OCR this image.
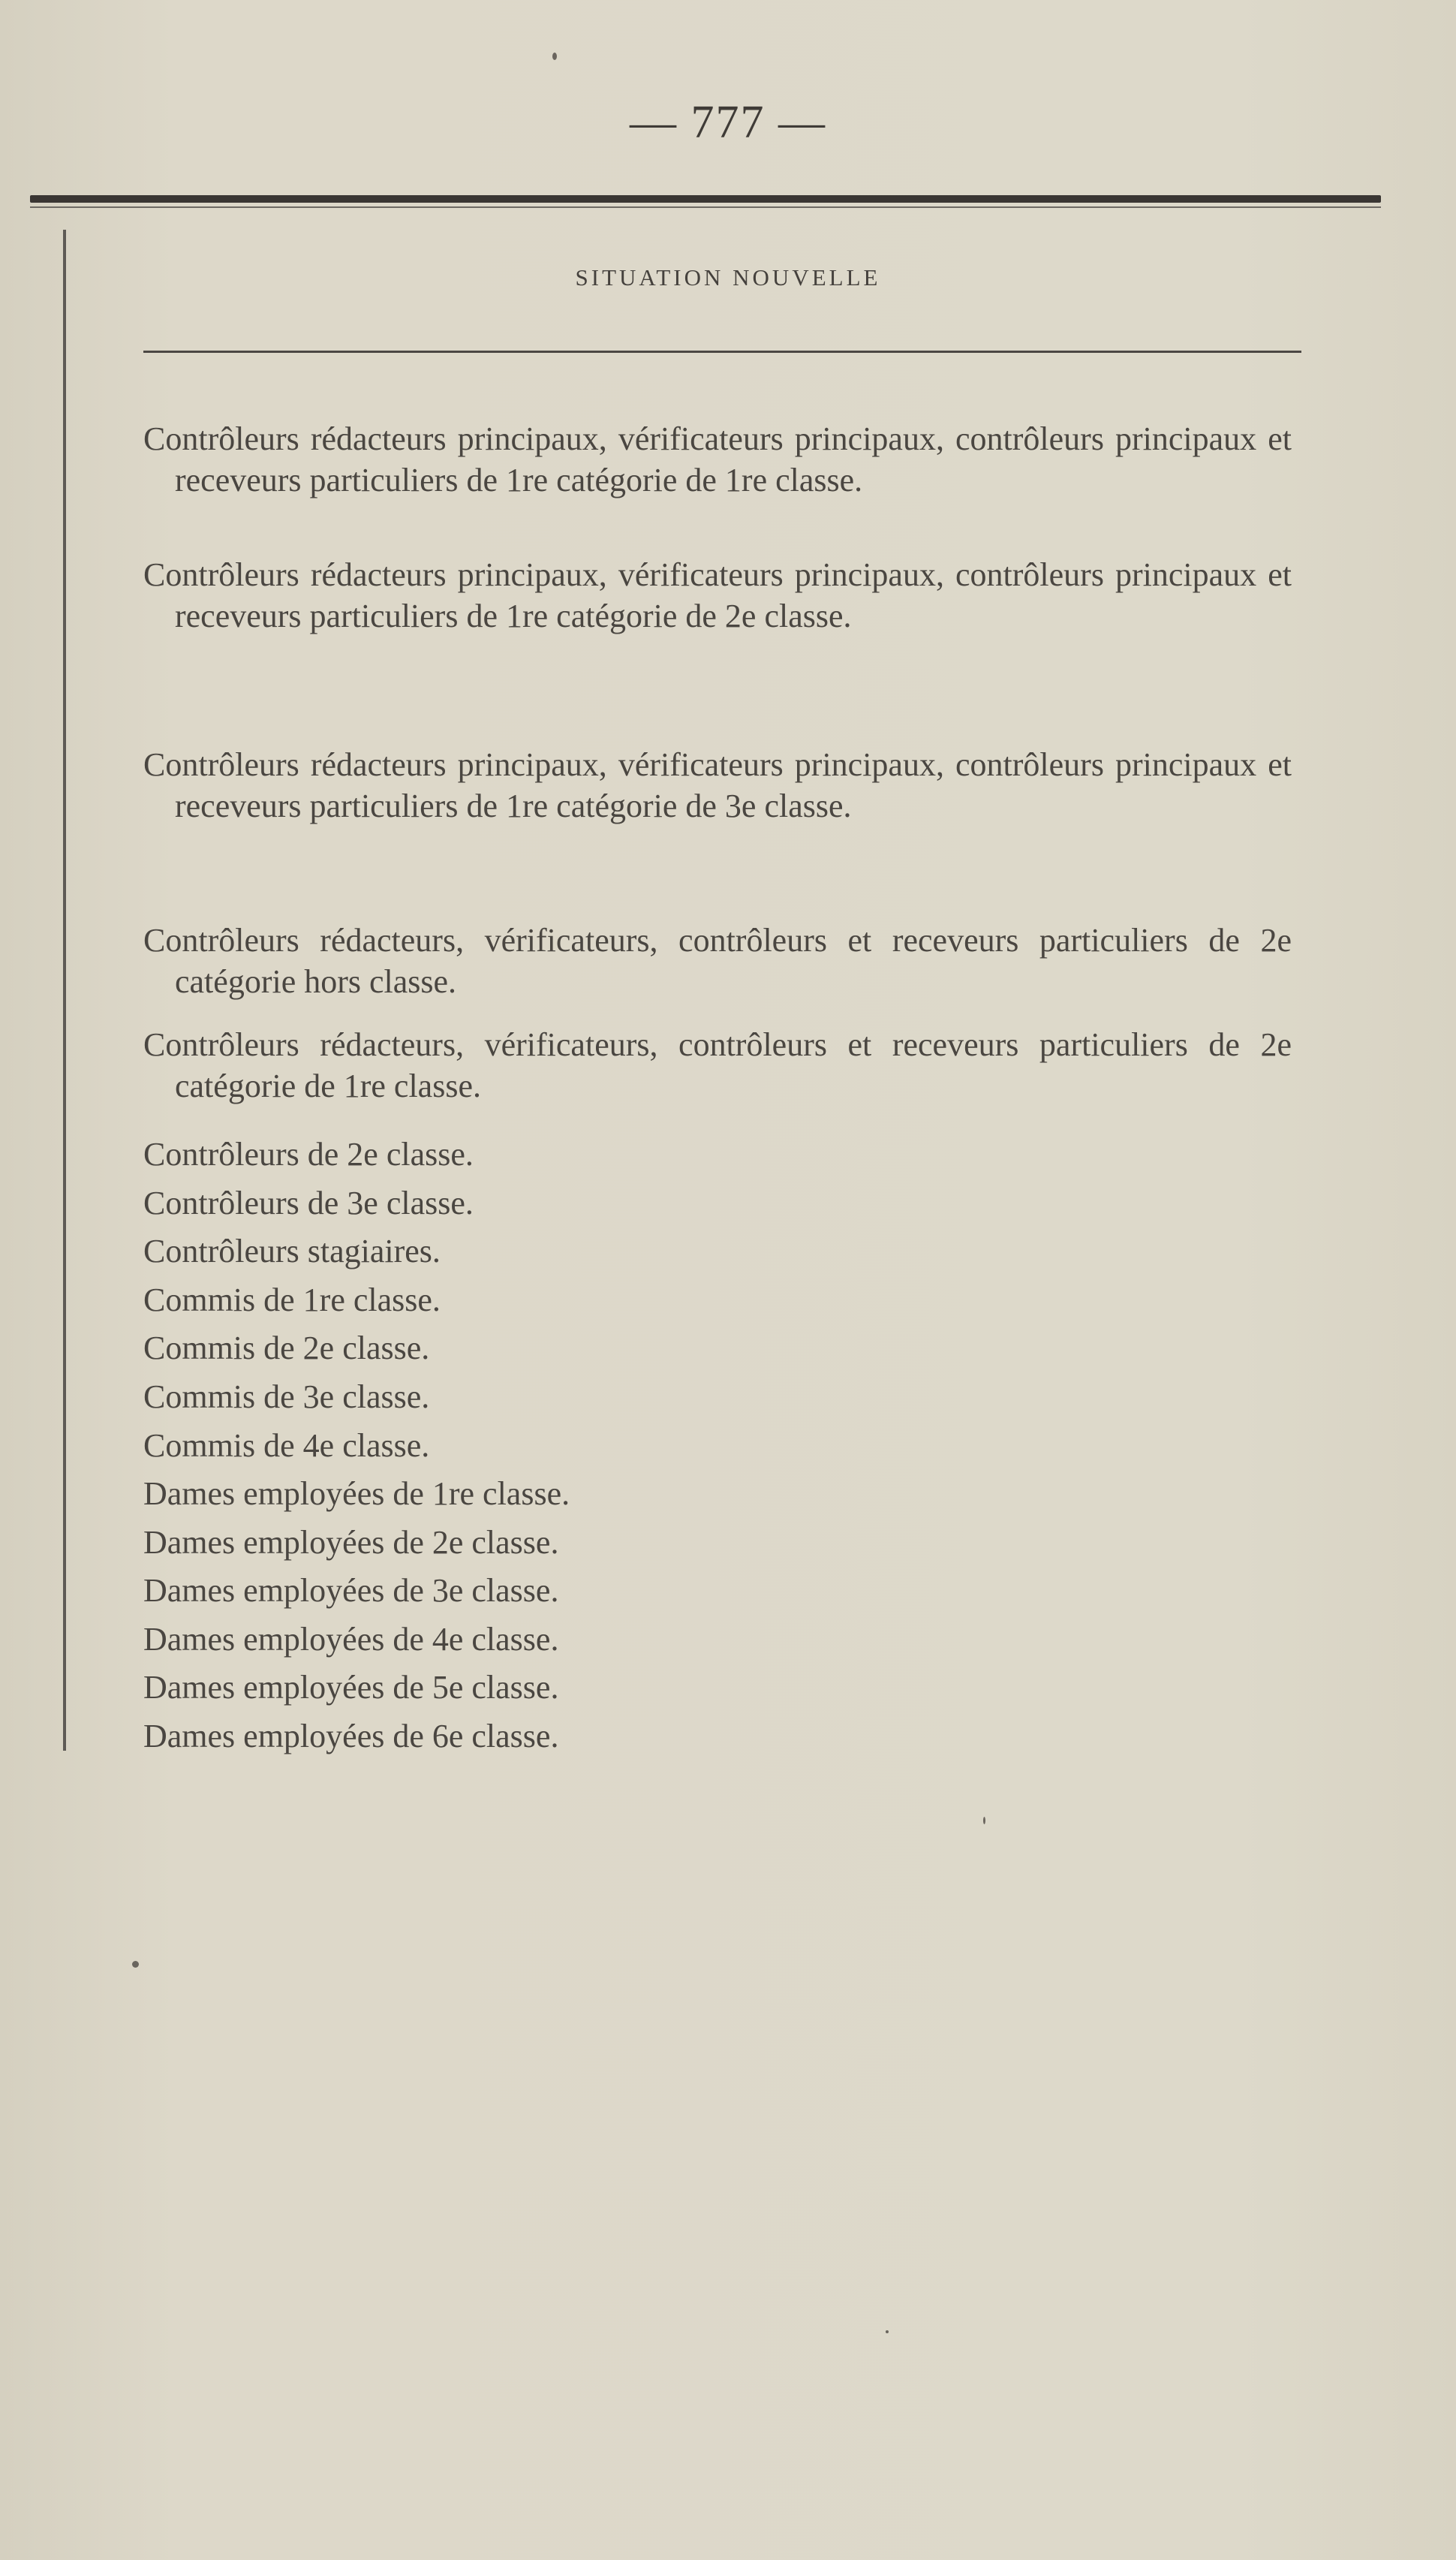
— 777 —
SITUATION NOUVELLE
Contrôleurs rédacteurs principaux, vérificateurs principaux, contrôleurs principaux et receveurs particuliers de 1re catégorie de 1re classe.
Contrôleurs rédacteurs principaux, vérificateurs principaux, contrôleurs principaux et receveurs particuliers de 1re catégorie de 2e classe.
Contrôleurs rédacteurs principaux, vérificateurs principaux, contrôleurs principaux et receveurs particuliers de 1re catégorie de 3e classe.
Contrôleurs rédacteurs, vérificateurs, contrôleurs et receveurs particuliers de 2e catégorie hors classe.
Contrôleurs rédacteurs, vérificateurs, contrôleurs et receveurs particuliers de 2e catégorie de 1re classe.
Contrôleurs de 2e classe.
Contrôleurs de 3e classe.
Contrôleurs stagiaires.
Commis de 1re classe.
Commis de 2e classe.
Commis de 3e classe.
Commis de 4e classe.
Dames employées de 1re classe.
Dames employées de 2e classe.
Dames employées de 3e classe.
Dames employées de 4e classe.
Dames employées de 5e classe.
Dames employées de 6e classe.
